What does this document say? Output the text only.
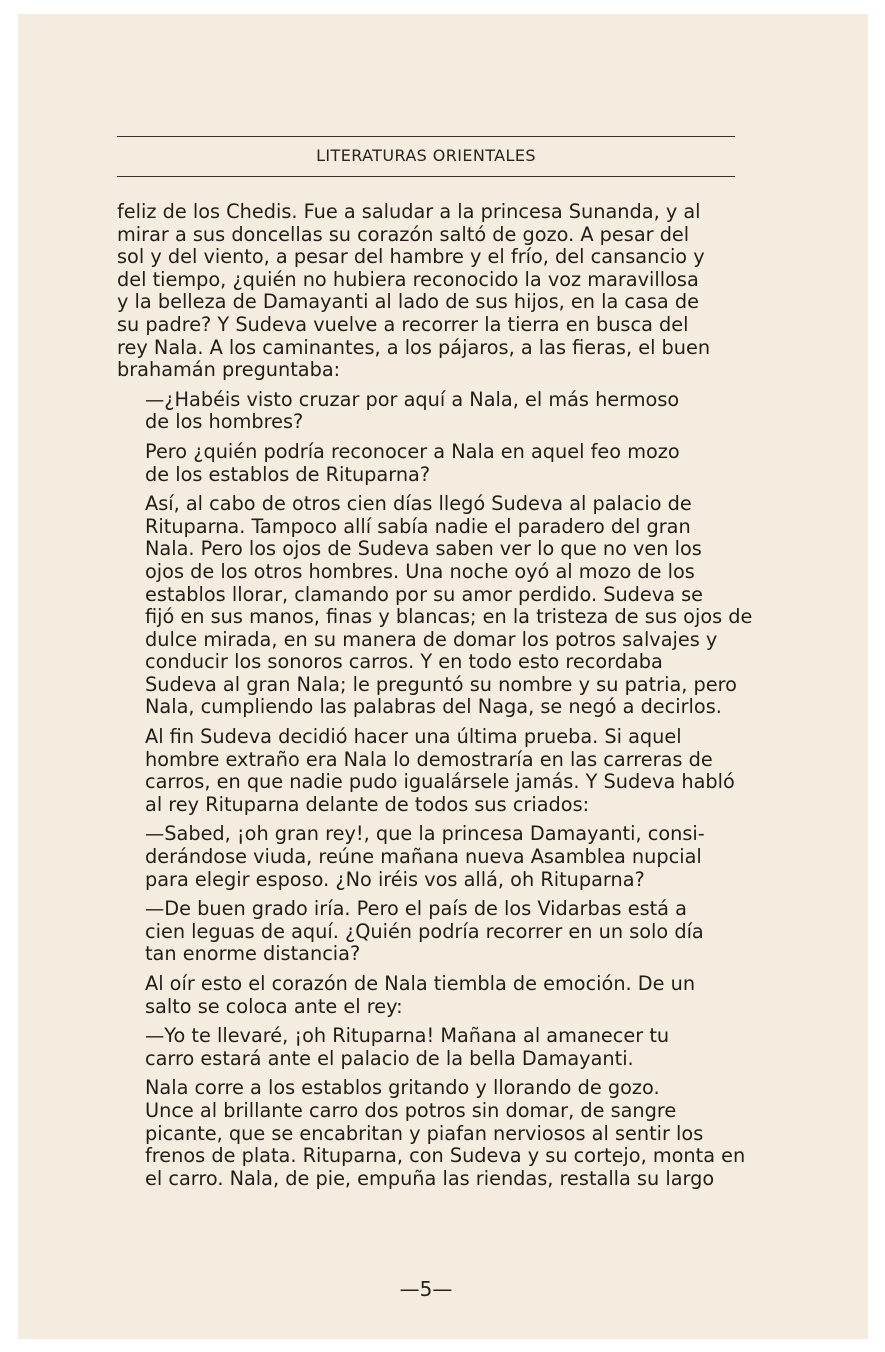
LITERATURAS ORIENTALES
feliz de los Chedis. Fue a saludar a la princesa Sunanda, y al
mirar a sus doncellas su corazón saltó de gozo. A pesar del
sol y del viento, a pesar del hambre y el frío, del cansancio y
del tiempo, ¿quién no hubiera reconocido la voz maravillosa
y la belleza de Damayanti al lado de sus hijos, en la casa de
su padre? Y Sudeva vuelve a recorrer la tierra en busca del
rey Nala. A los caminantes, a los pájaros, a las fieras, el buen
brahamán preguntaba:
—¿Habéis visto cruzar por aquí a Nala, el más hermoso
de los hombres?
Pero ¿quién podría reconocer a Nala en aquel feo mozo
de los establos de Rituparna?
Así, al cabo de otros cien días llegó Sudeva al palacio de
Rituparna. Tampoco allí sabía nadie el paradero del gran
Nala. Pero los ojos de Sudeva saben ver lo que no ven los
ojos de los otros hombres. Una noche oyó al mozo de los
establos llorar, clamando por su amor perdido. Sudeva se
fijó en sus manos, finas y blancas; en la tristeza de sus ojos de
dulce mirada, en su manera de domar los potros salvajes y
conducir los sonoros carros. Y en todo esto recordaba
Sudeva al gran Nala; le preguntó su nombre y su patria, pero
Nala, cumpliendo las palabras del Naga, se negó a decirlos.
Al fin Sudeva decidió hacer una última prueba. Si aquel
hombre extraño era Nala lo demostraría en las carreras de
carros, en que nadie pudo igualársele jamás. Y Sudeva habló
al rey Rituparna delante de todos sus criados:
—Sabed, ¡oh gran rey!, que la princesa Damayanti, consi-
derándose viuda, reúne mañana nueva Asamblea nupcial
para elegir esposo. ¿No iréis vos allá, oh Rituparna?
—De buen grado iría. Pero el país de los Vidarbas está a
cien leguas de aquí. ¿Quién podría recorrer en un solo día
tan enorme distancia?
Al oír esto el corazón de Nala tiembla de emoción. De un
salto se coloca ante el rey:
—Yo te llevaré, ¡oh Rituparna! Mañana al amanecer tu
carro estará ante el palacio de la bella Damayanti.
Nala corre a los establos gritando y llorando de gozo.
Unce al brillante carro dos potros sin domar, de sangre
picante, que se encabritan y piafan nerviosos al sentir los
frenos de plata. Rituparna, con Sudeva y su cortejo, monta en
el carro. Nala, de pie, empuña las riendas, restalla su largo
—5—
